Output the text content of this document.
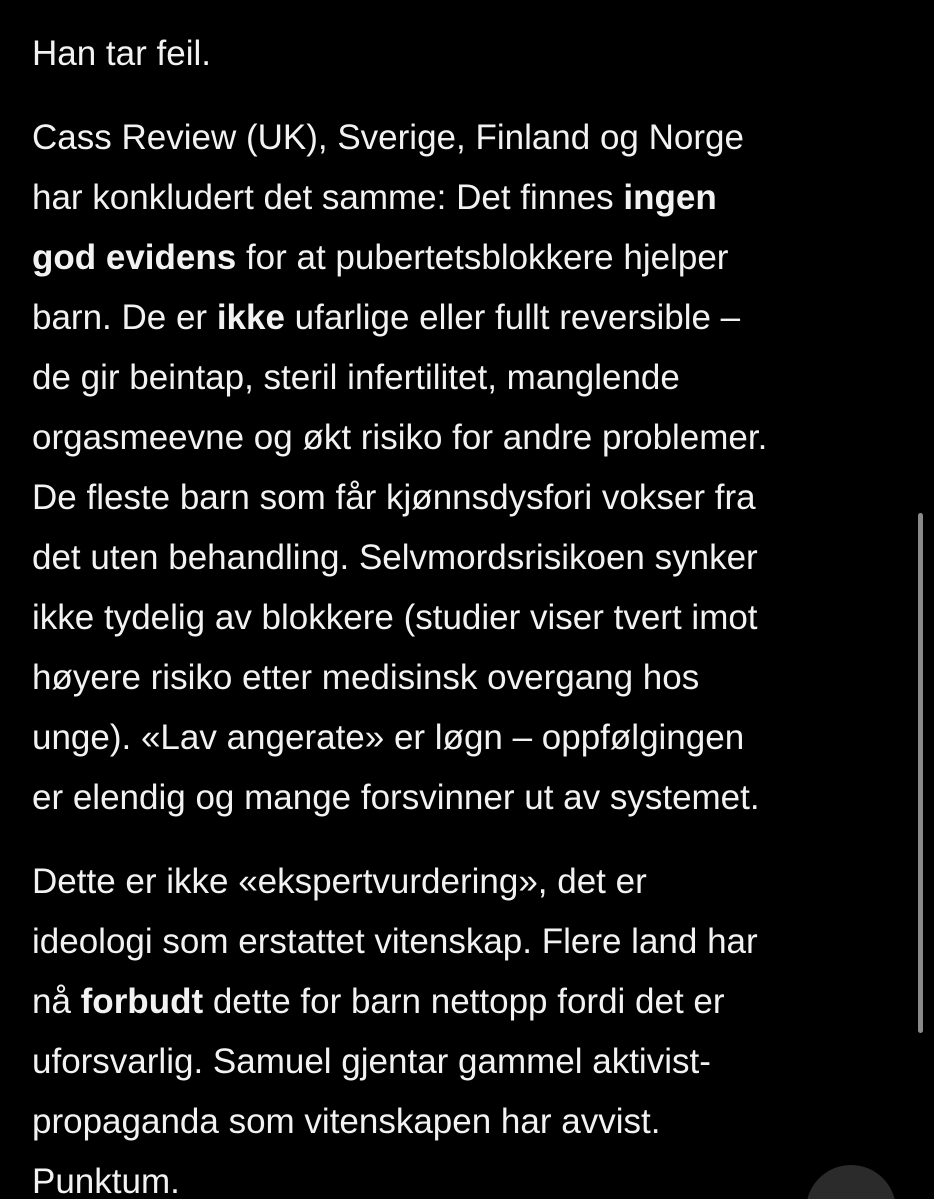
Han tar feil.
Cass Review (UK), Sverige, Finland og Norge
har konkludert det samme: Det finnes ingen
god evidens for at pubertetsblokkere hjelper
barn. De er ikke ufarlige eller fullt reversible –
de gir beintap, steril infertilitet, manglende
orgasmeevne og økt risiko for andre problemer.
De fleste barn som får kjønnsdysfori vokser fra
det uten behandling. Selvmordsrisikoen synker
ikke tydelig av blokkere (studier viser tvert imot
høyere risiko etter medisinsk overgang hos
unge). «Lav angerate» er løgn – oppfølgingen
er elendig og mange forsvinner ut av systemet.
Dette er ikke «ekspertvurdering», det er
ideologi som erstattet vitenskap. Flere land har
nå forbudt dette for barn nettopp fordi det er
uforsvarlig. Samuel gjentar gammel aktivist-
propaganda som vitenskapen har avvist.
Punktum.
